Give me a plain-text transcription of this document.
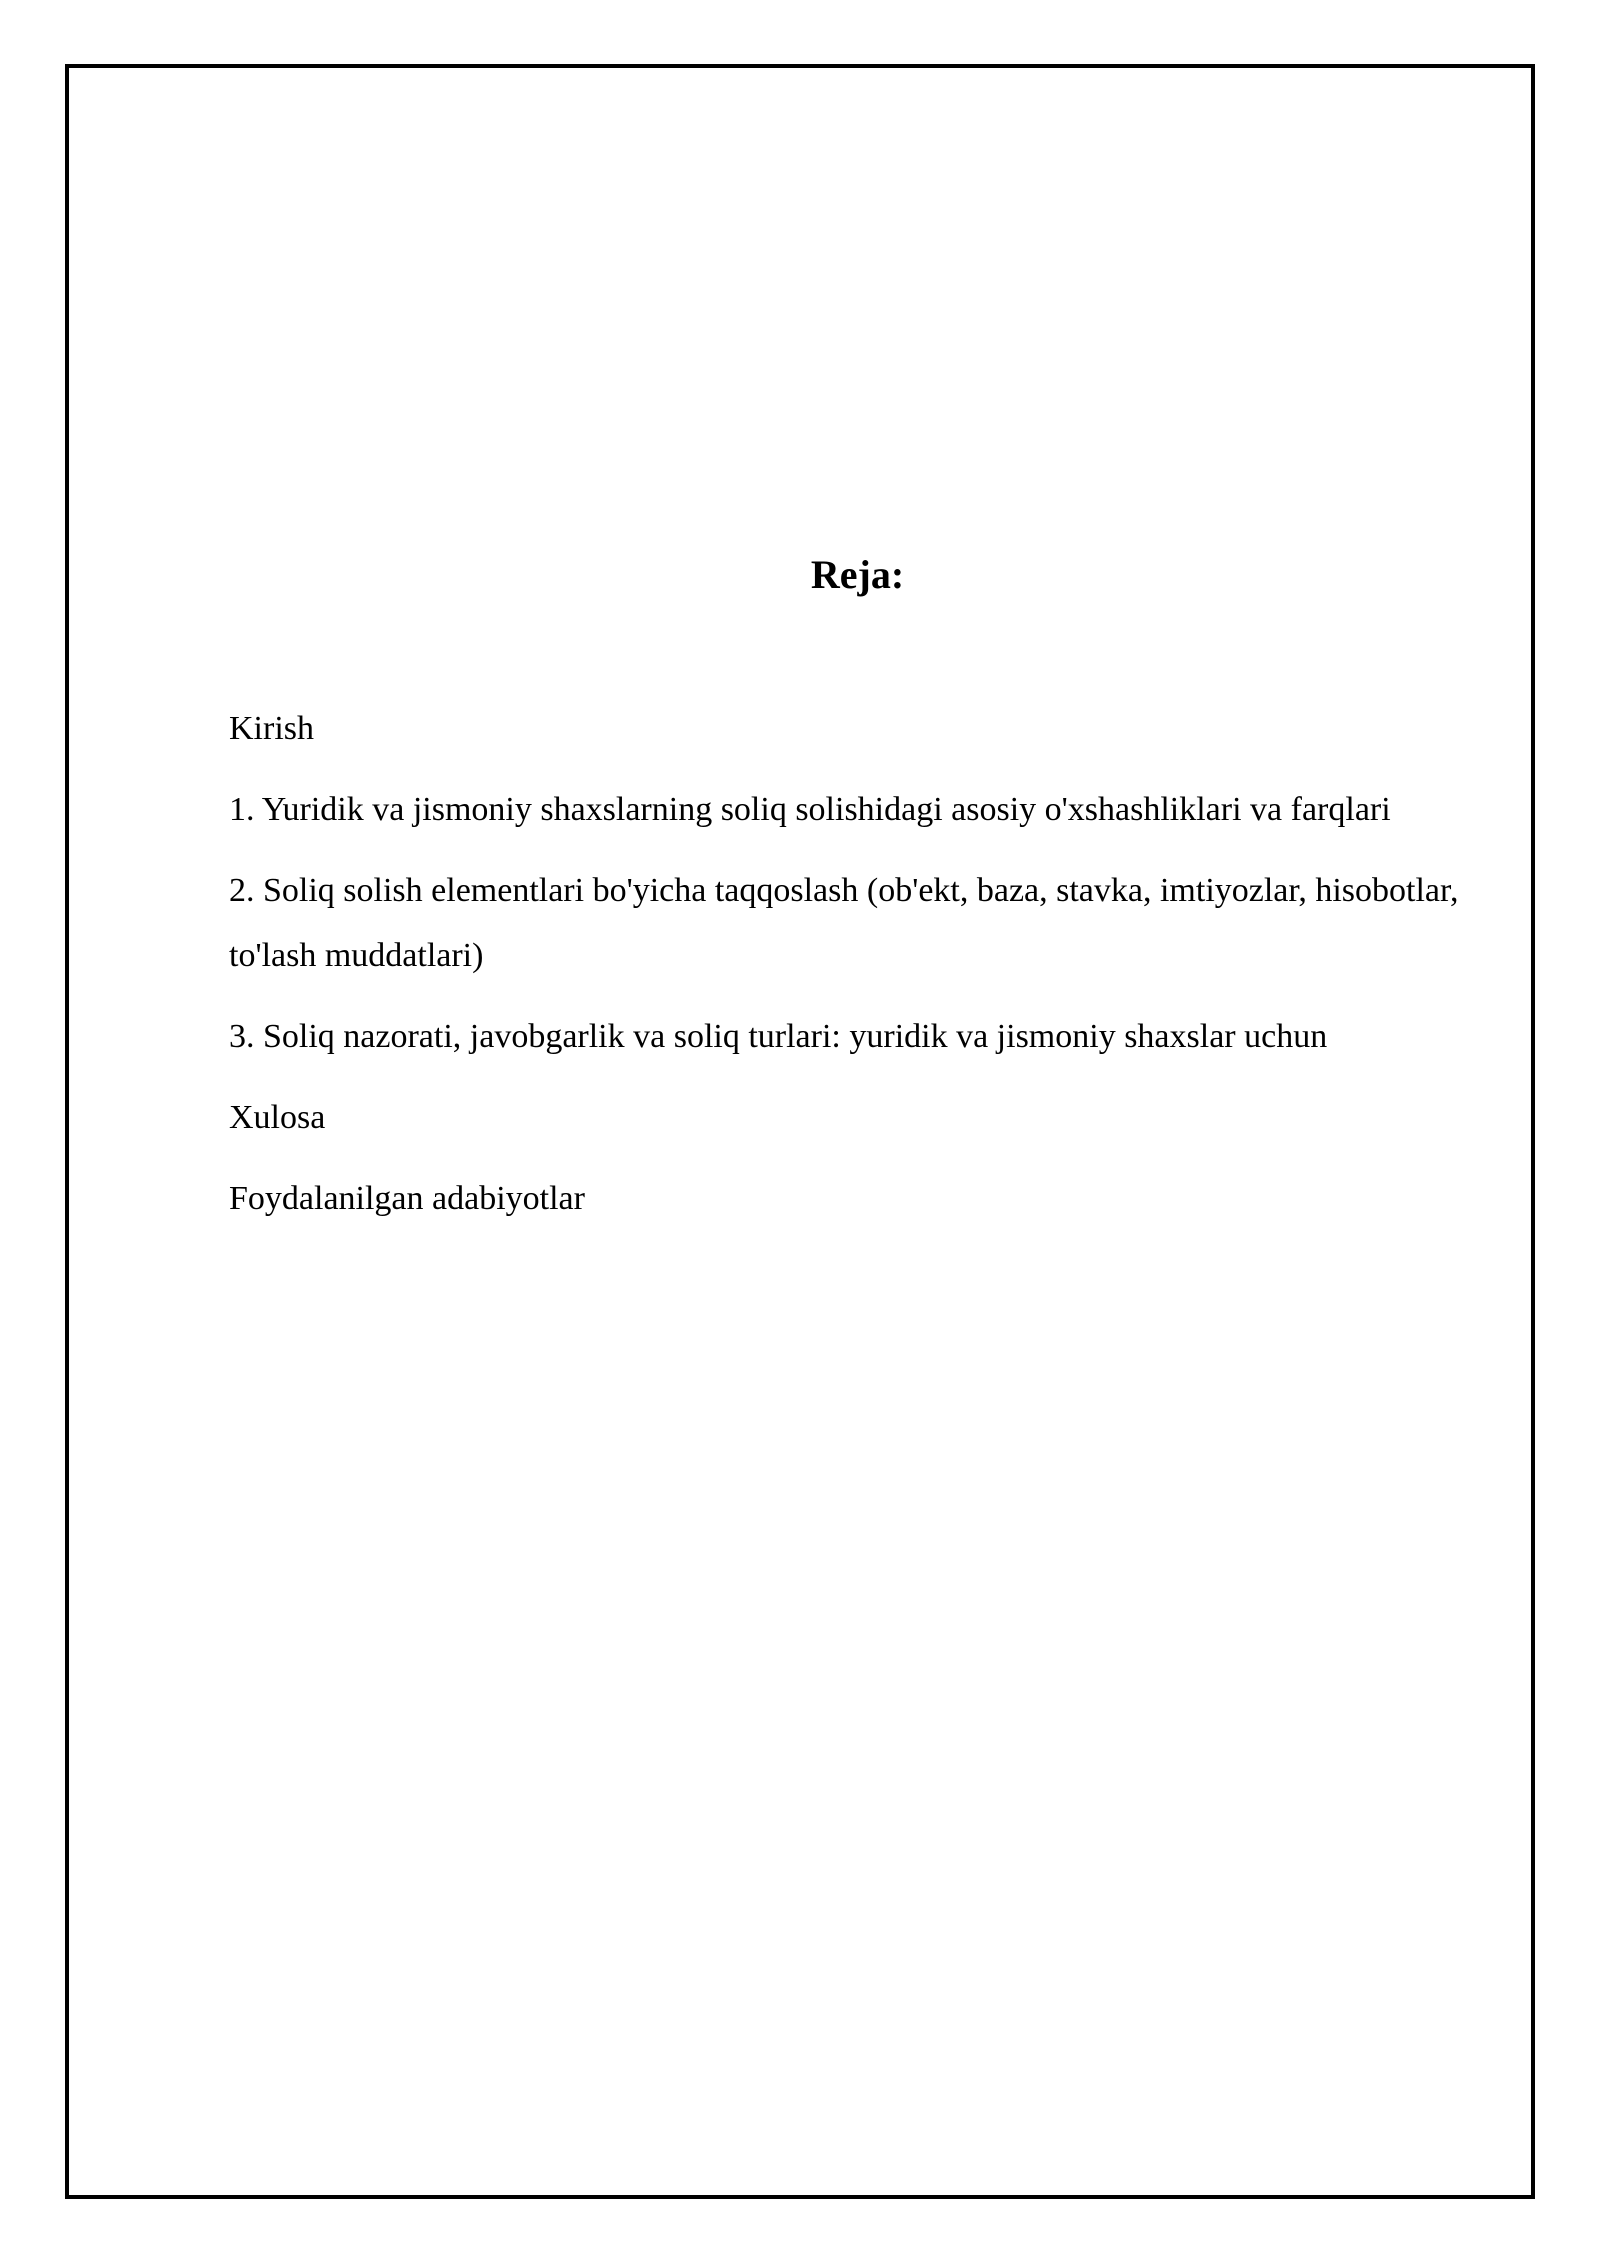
Reja:
Kirish
1. Yuridik va jismoniy shaxslarning soliq solishidagi asosiy o'xshashliklari va farqlari
2. Soliq solish elementlari bo'yicha taqqoslash (ob'ekt, baza, stavka, imtiyozlar, hisobotlar, to'lash muddatlari)
3. Soliq nazorati, javobgarlik va soliq turlari: yuridik va jismoniy shaxslar uchun
Xulosa
Foydalanilgan adabiyotlar
